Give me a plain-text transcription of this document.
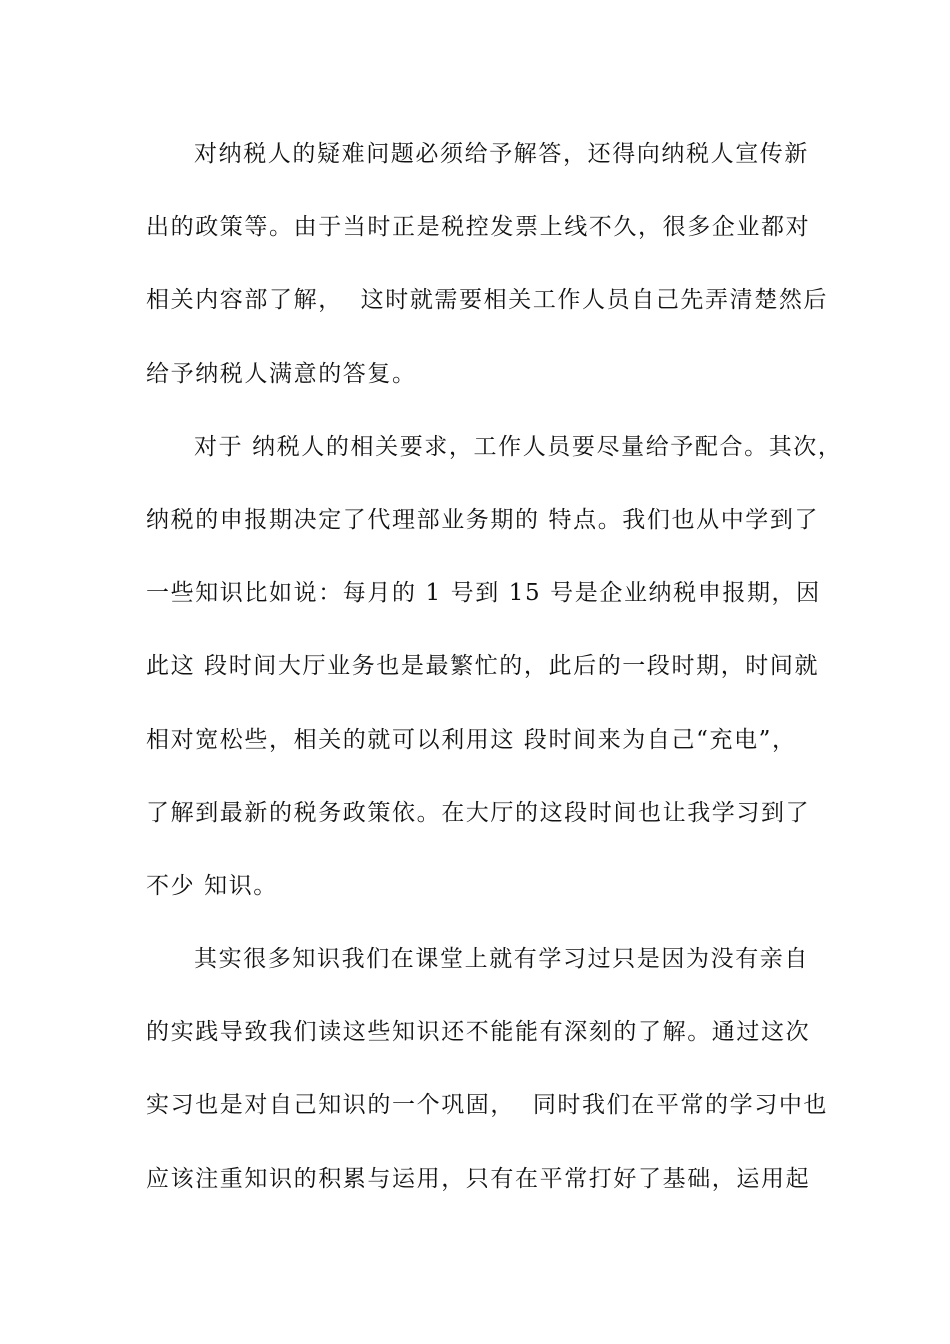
对纳税人的疑难问题必须给予解答，还得向纳税人宣传新
出的政策等。由于当时正是税控发票上线不久，很多企业都对
相关内容部了解，  这时就需要相关工作人员自己先弄清楚然后
给予纳税人满意的答复。
对于 纳税人的相关要求，工作人员要尽量给予配合。其次，
纳税的申报期决定了代理部业务期的 特点。我们也从中学到了
一些知识比如说：每月的 1 号到 15 号是企业纳税申报期，因
此这 段时间大厅业务也是最繁忙的，此后的一段时期，时间就
相对宽松些，相关的就可以利用这 段时间来为自己“充电”，
了解到最新的税务政策依。在大厅的这段时间也让我学习到了
不少 知识。
其实很多知识我们在课堂上就有学习过只是因为没有亲自
的实践导致我们读这些知识还不能能有深刻的了解。通过这次
实习也是对自己知识的一个巩固，  同时我们在平常的学习中也
应该注重知识的积累与运用，只有在平常打好了基础，运用起
